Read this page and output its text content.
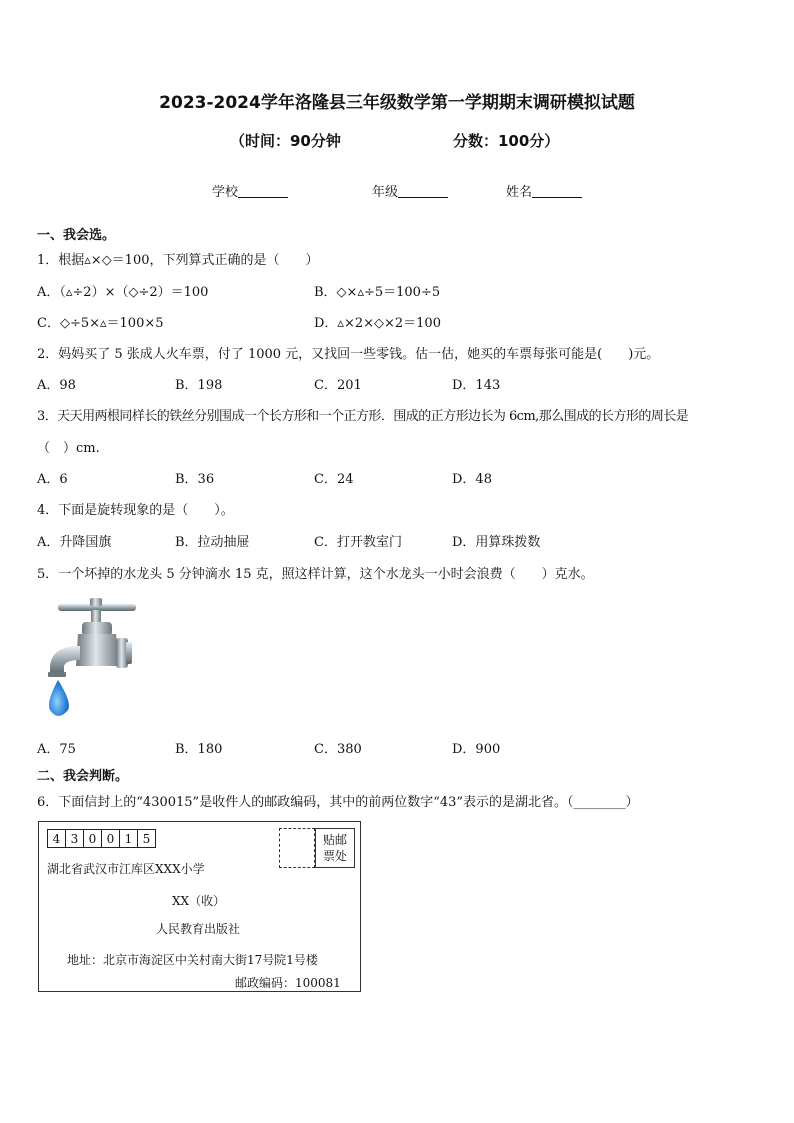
2023-2024学年洛隆县三年级数学第一学期期末调研模拟试题
（时间：90分钟	分数：100分）
学校	年级	姓名
一、我会选。
1．根据▵×◇＝100，下列算式正确的是（　　）
A．（▵÷2）×（◇÷2）＝100	B．◇×▵÷5＝100÷5
C．◇÷5×▵＝100×5	D．▵×2×◇×2＝100
2．妈妈买了 5 张成人火车票，付了 1000 元，又找回一些零钱。估一估，她买的车票每张可能是(　　)元。
A．98	B．198	C．201	D．143
3．天天用两根同样长的铁丝分别围成一个长方形和一个正方形．围成的正方形边长为 6cm,那么围成的长方形的周长是
（　）cm.
A．6	B．36	C．24	D．48
4．下面是旋转现象的是（　　）。
A．升降国旗	B．拉动抽屉	C．打开教室门	D．用算珠拨数
5．一个坏掉的水龙头 5 分钟滴水 15 克，照这样计算，这个水龙头一小时会浪费（　　）克水。
A．75	B．180	C．380	D．900
二、我会判断。
6．下面信封上的“430015”是收件人的邮政编码，其中的前两位数字“43”表示的是湖北省。（________）
4 3 0 0 1 5	贴邮
票处
湖北省武汉市江库区XXX小学
XX（收）
人民教育出版社
地址：北京市海淀区中关村南大街17号院1号楼
邮政编码：100081
